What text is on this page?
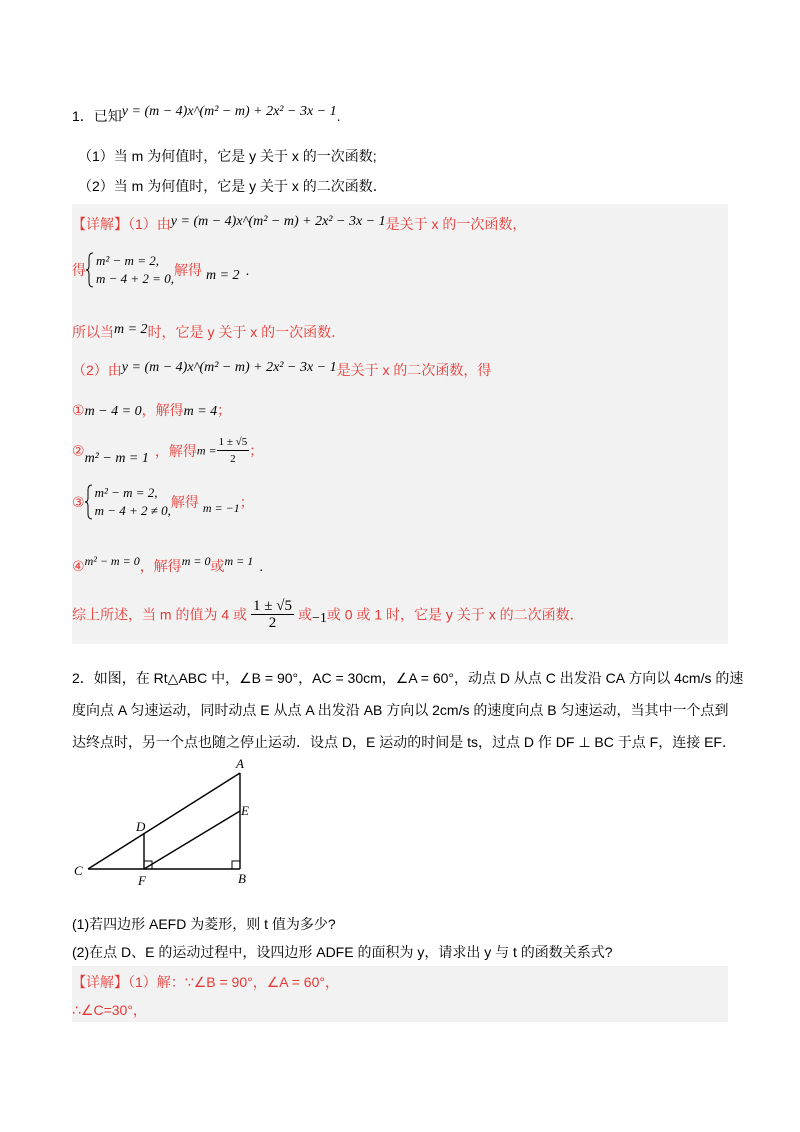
1．已知y = (m − 4)x^(m² − m) + 2x² − 3x − 1.
（1）当 m 为何值时，它是 y 关于 x 的一次函数;
（2）当 m 为何值时，它是 y 关于 x 的二次函数．
【详解】（1）由y = (m − 4)x^(m² − m) + 2x² − 3x − 1是关于 x 的一次函数，
得
m² − m = 2,
m − 4 + 2 = 0,
解得 m = 2 .
所以当m = 2时，它是 y 关于 x 的一次函数．
（2）由y = (m − 4)x^(m² − m) + 2x² − 3x − 1是关于 x 的二次函数，得
①m − 4 = 0，解得m = 4；
②m² − m = 1 ，解得$m = \frac{1 \pm √5}{2}$ ；
③
m² − m = 2,
m − 4 + 2 ≠ 0,
解得 m = −1；
④m² − m = 0，解得m = 0或m = 1 .
综上所述，当 m 的值为 4 或 $\frac{1 \pm √5}{2}$ 或−1或 0 或 1 时，它是 y 关于 x 的二次函数．
2．如图，在 Rt△ABC 中，∠B = 90°，AC = 30cm，∠A = 60°，动点 D 从点 C 出发沿 CA 方向以 4cm/s 的速
度向点 A 匀速运动，同时动点 E 从点 A 出发沿 AB 方向以 2cm/s 的速度向点 B 匀速运动，当其中一个点到
达终点时，另一个点也随之停止运动．设点 D，E 运动的时间是 ts，过点 D 作 DF ⊥ BC 于点 F，连接 EF．
A
B
C
D
E
F
(1)若四边形 AEFD 为菱形，则 t 值为多少?
(2)在点 D、E 的运动过程中，设四边形 ADFE 的面积为 y，请求出 y 与 t 的函数关系式?
【详解】（1）解：∵∠B = 90°，∠A = 60°，
∴∠C=30°，
